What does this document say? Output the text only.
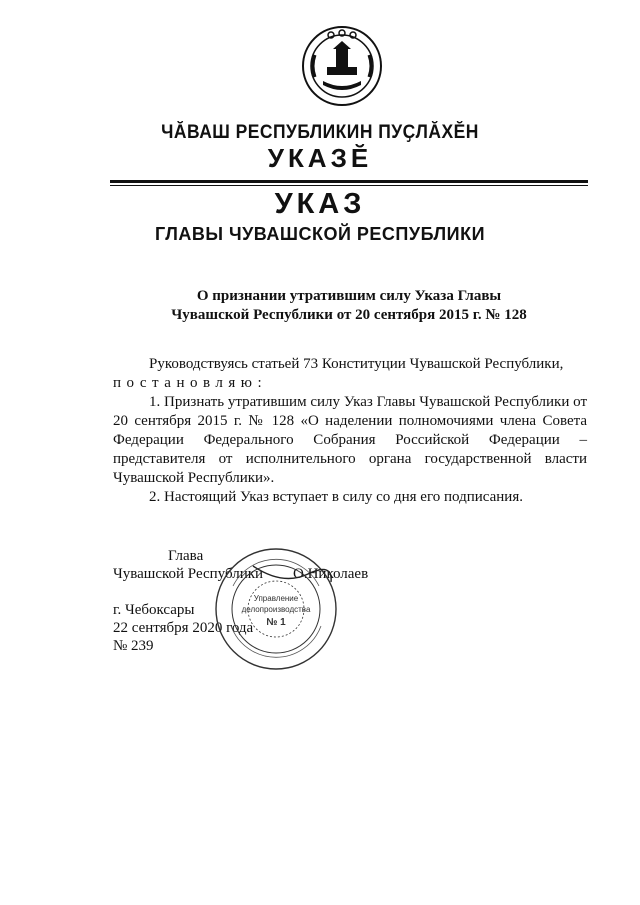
ЧӐВАШ РЕСПУБЛИКИН ПУҪЛӐХӖН
УКАЗӖ
УКАЗ
ГЛАВЫ ЧУВАШСКОЙ РЕСПУБЛИКИ
О признании утратившим силу Указа Главы
Чувашской Республики от 20 сентября 2015 г. № 128

Руководствуясь статьей 73 Конституции Чувашской Республики,

постановляю:

1. Признать утратившим силу Указ Главы Чувашской Республики от 20 сентября 2015 г. № 128 «О наделении полномочиями члена Совета Федерации Федерального Собрания Российской Федерации – представителя от исполнительного органа государственной власти Чувашской Республики».

2. Настоящий Указ вступает в силу со дня его подписания.

Глава
Чувашской Республики О.Николаев
г. Чебоксары
22 сентября 2020 года
№ 239
Управление
делопроизводства
№ 1
